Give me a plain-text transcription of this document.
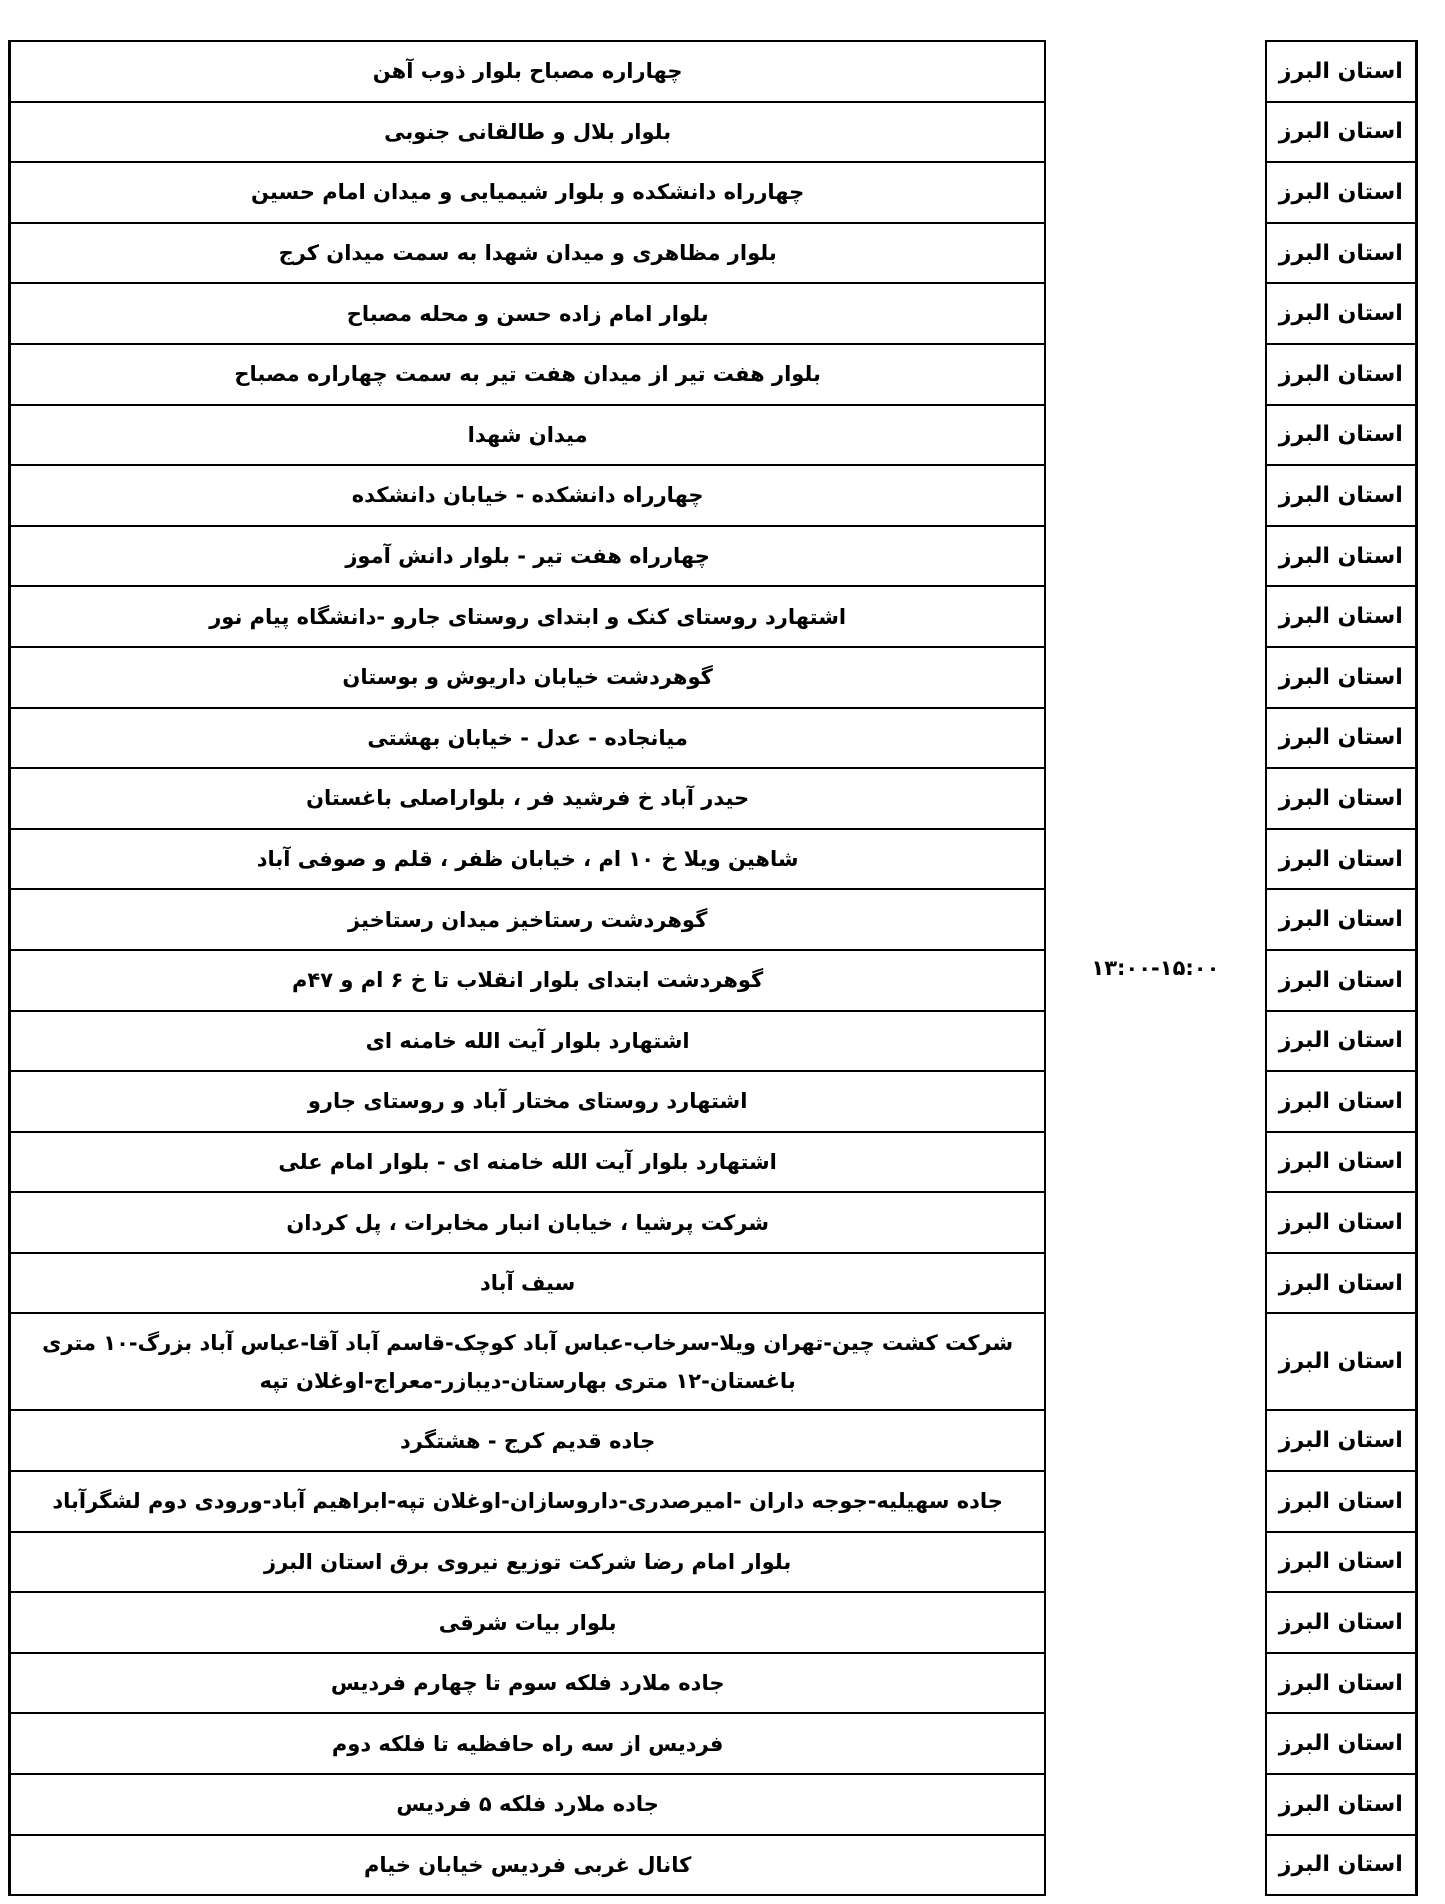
استان البرز	۱۳:۰۰-۱۵:۰۰	چهاراره مصباح بلوار ذوب آهن
استان البرز		بلوار بلال و طالقانی جنوبی
استان البرز		چهارراه دانشکده و بلوار شیمیایی و میدان امام حسین
استان البرز		بلوار مظاهری و میدان شهدا به سمت میدان کرج
استان البرز		بلوار امام زاده حسن و محله مصباح
استان البرز		بلوار هفت تیر از میدان هفت تیر به سمت چهاراره مصباح
استان البرز		میدان شهدا
استان البرز		چهارراه دانشکده - خیابان دانشکده
استان البرز		چهارراه هفت تیر - بلوار دانش آموز
استان البرز		اشتهارد روستای کنک و ابتدای روستای جارو -دانشگاه پیام نور
استان البرز		گوهردشت خیابان داریوش و بوستان
استان البرز		میانجاده - عدل - خیابان بهشتی
استان البرز		حیدر آباد خ فرشید فر ، بلواراصلی باغستان
استان البرز		شاهین ویلا خ ۱۰ ام ، خیابان ظفر ، قلم و صوفی آباد
استان البرز		گوهردشت رستاخیز میدان رستاخیز
استان البرز		گوهردشت ابتدای بلوار انقلاب تا خ ۶ ام و ۴۷م
استان البرز		اشتهارد بلوار آیت الله خامنه ای
استان البرز		اشتهارد روستای مختار آباد و روستای جارو
استان البرز		اشتهارد بلوار آیت الله خامنه ای - بلوار امام علی
استان البرز		شرکت پرشیا ، خیابان انبار مخابرات ، پل کردان
استان البرز		سیف آباد
استان البرز		شرکت کشت چین-تهران ویلا-سرخاب-عباس آباد کوچک-قاسم آباد آقا-عباس آباد بزرگ-۱۰ متری باغستان-۱۲ متری بهارستان-دیبازر-معراج-اوغلان تپه
استان البرز		جاده قدیم کرج - هشتگرد
استان البرز		جاده سهیلیه-جوجه داران -امیرصدری-داروسازان-اوغلان تپه-ابراهیم آباد-ورودی دوم لشگرآباد
استان البرز		بلوار امام رضا شرکت توزیع نیروی برق استان البرز
استان البرز		بلوار بیات شرقی
استان البرز		جاده ملارد فلکه سوم تا چهارم فردیس
استان البرز		فردیس از سه راه حافظیه تا فلکه دوم
استان البرز		جاده ملارد فلکه ۵ فردیس
استان البرز		کانال غربی فردیس خیابان خیام
